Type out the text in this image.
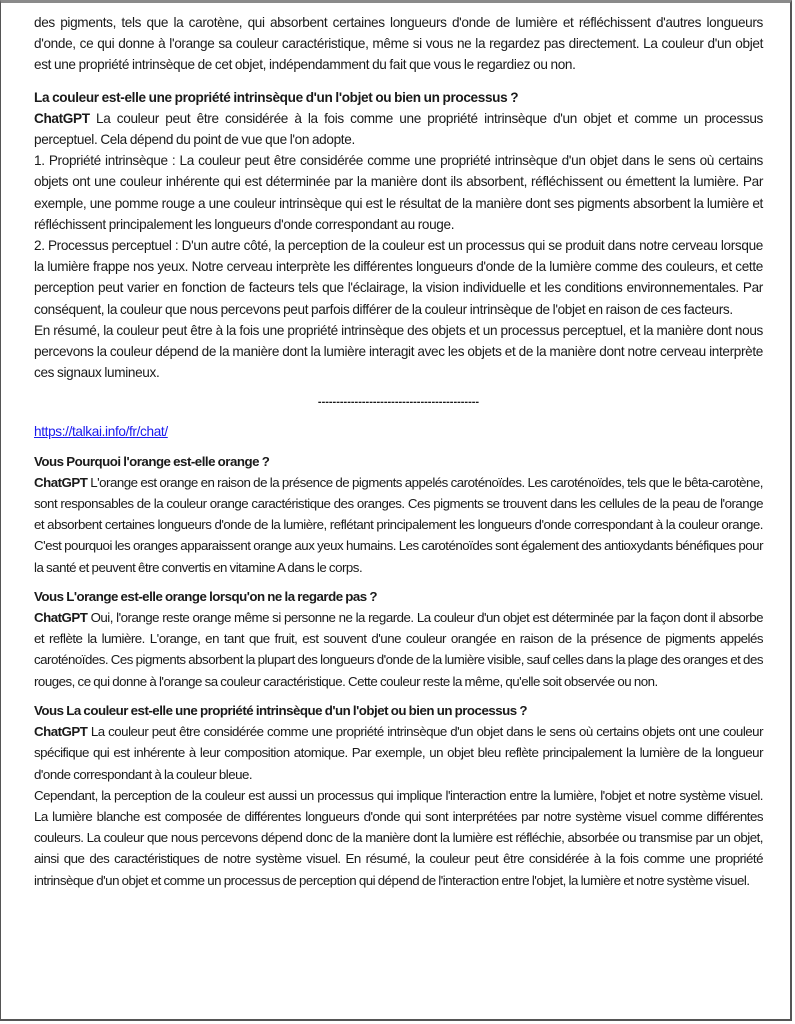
des pigments, tels que la carotène, qui absorbent certaines longueurs d'onde de lumière et réfléchissent d'autres longueurs d'onde, ce qui donne à l'orange sa couleur caractéristique, même si vous ne la regardez pas directement. La couleur d'un objet est une propriété intrinsèque de cet objet, indépendamment du fait que vous le regardiez ou non.

La couleur est-elle une propriété intrinsèque d'un l'objet ou bien un processus ?

ChatGPT La couleur peut être considérée à la fois comme une propriété intrinsèque d'un objet et comme un processus perceptuel. Cela dépend du point de vue que l'on adopte.

1. Propriété intrinsèque : La couleur peut être considérée comme une propriété intrinsèque d'un objet dans le sens où certains objets ont une couleur inhérente qui est déterminée par la manière dont ils absorbent, réfléchissent ou émettent la lumière. Par exemple, une pomme rouge a une couleur intrinsèque qui est le résultat de la manière dont ses pigments absorbent la lumière et réfléchissent principalement les longueurs d'onde correspondant au rouge.

2. Processus perceptuel : D'un autre côté, la perception de la couleur est un processus qui se produit dans notre cerveau lorsque la lumière frappe nos yeux. Notre cerveau interprète les différentes longueurs d'onde de la lumière comme des couleurs, et cette perception peut varier en fonction de facteurs tels que l'éclairage, la vision individuelle et les conditions environnementales. Par conséquent, la couleur que nous percevons peut parfois différer de la couleur intrinsèque de l'objet en raison de ces facteurs.

En résumé, la couleur peut être à la fois une propriété intrinsèque des objets et un processus perceptuel, et la manière dont nous percevons la couleur dépend de la manière dont la lumière interagit avec les objets et de la manière dont notre cerveau interprète ces signaux lumineux.

--------------------------------------------

https://talkai.info/fr/chat/

Vous Pourquoi l'orange est-elle orange ?

ChatGPT L'orange est orange en raison de la présence de pigments appelés caroténoïdes. Les caroténoïdes, tels que le bêta-carotène, sont responsables de la couleur orange caractéristique des oranges. Ces pigments se trouvent dans les cellules de la peau de l'orange et absorbent certaines longueurs d'onde de la lumière, reflétant principalement les longueurs d'onde correspondant à la couleur orange. C'est pourquoi les oranges apparaissent orange aux yeux humains. Les caroténoïdes sont également des antioxydants bénéfiques pour la santé et peuvent être convertis en vitamine A dans le corps.

Vous L'orange est-elle orange lorsqu'on ne la regarde pas ?

ChatGPT Oui, l'orange reste orange même si personne ne la regarde. La couleur d'un objet est déterminée par la façon dont il absorbe et reflète la lumière. L'orange, en tant que fruit, est souvent d'une couleur orangée en raison de la présence de pigments appelés caroténoïdes. Ces pigments absorbent la plupart des longueurs d'onde de la lumière visible, sauf celles dans la plage des oranges et des rouges, ce qui donne à l'orange sa couleur caractéristique. Cette couleur reste la même, qu'elle soit observée ou non.

Vous La couleur est-elle une propriété intrinsèque d'un l'objet ou bien un processus ?

ChatGPT La couleur peut être considérée comme une propriété intrinsèque d'un objet dans le sens où certains objets ont une couleur spécifique qui est inhérente à leur composition atomique. Par exemple, un objet bleu reflète principalement la lumière de la longueur d'onde correspondant à la couleur bleue.

Cependant, la perception de la couleur est aussi un processus qui implique l'interaction entre la lumière, l'objet et notre système visuel. La lumière blanche est composée de différentes longueurs d'onde qui sont interprétées par notre système visuel comme différentes couleurs. La couleur que nous percevons dépend donc de la manière dont la lumière est réfléchie, absorbée ou transmise par un objet, ainsi que des caractéristiques de notre système visuel. En résumé, la couleur peut être considérée à la fois comme une propriété intrinsèque d'un objet et comme un processus de perception qui dépend de l'interaction entre l'objet, la lumière et notre système visuel.
